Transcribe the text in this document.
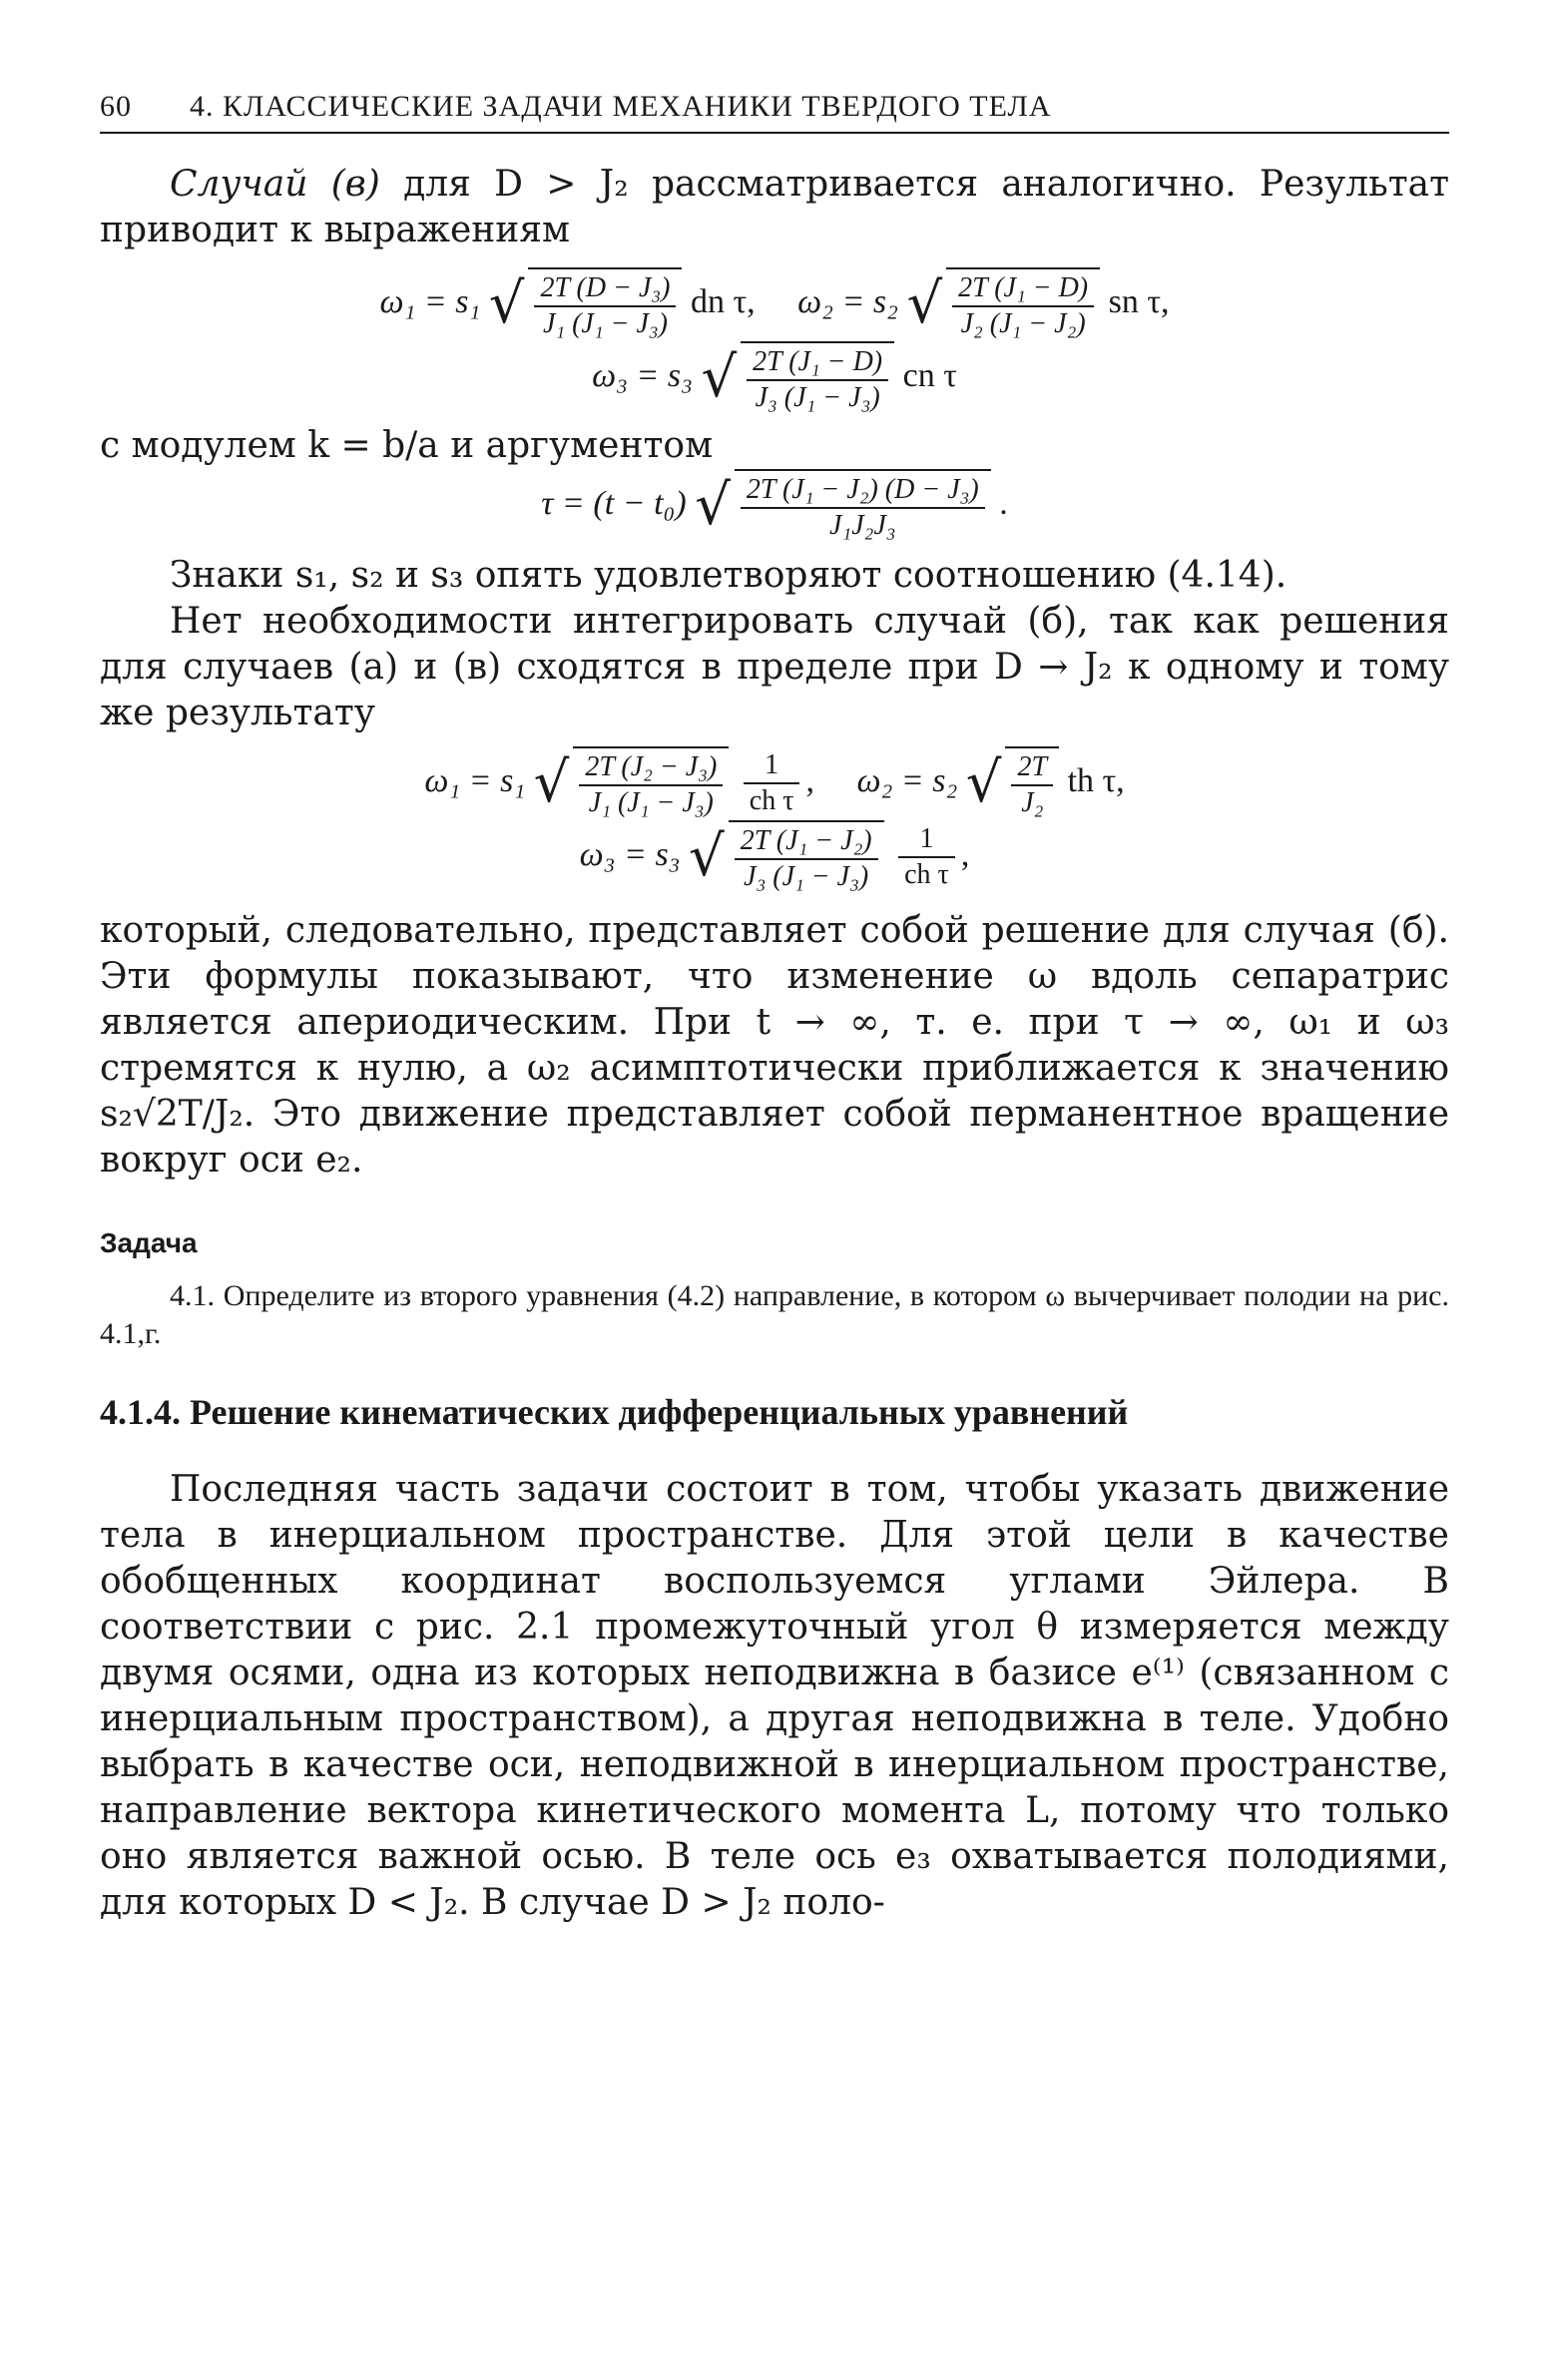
60	4. КЛАССИЧЕСКИЕ ЗАДАЧИ МЕХАНИКИ ТВЕРДОГО ТЕЛА

Случай (в) для D > J₂ рассматривается аналогично. Результат приводит к выражениям

ω₁ = s₁ √ $\frac{\text{2T (D − J₃)}}{\text{J₁ (J₁ − J₃)}}$ dn τ, ω₂ = s₂ √ $\frac{\text{2T (J₁ − D)}}{\text{J₂ (J₁ − J₂)}}$ sn τ,
ω₃ = s₃ √ $\frac{\text{2T (J₁ − D)}}{\text{J₃ (J₁ − J₃)}}$ cn τ

с модулем k = b/a и аргументом

τ = (t − t₀) √ $\frac{\text{2T (J₁ − J₂) (D − J₃)}}{\text{J₁J₂J₃}}$ .

Знаки s₁, s₂ и s₃ опять удовлетворяют соотношению (4.14).

Нет необходимости интегрировать случай (б), так как решения для случаев (а) и (в) сходятся в пределе при D → J₂ к одному и тому же результату

ω₁ = s₁ √ $\frac{\text{2T (J₂ − J₃)}}{\text{J₁ (J₁ − J₃)}}$
$\frac{1}{\text{ch τ}}$ , ω₂ = s₂ √ $\frac{2T}{\text{J₂}}$ th τ,
ω₃ = s₃ √ $\frac{\text{2T (J₁ − J₂)}}{\text{J₃ (J₁ − J₃)}}$
$\frac{1}{\text{ch τ}}$ ,

который, следовательно, представляет собой решение для случая (б). Эти формулы показывают, что изменение ω вдоль сепаратрис является апериодическим. При t → ∞, т. е. при τ → ∞, ω₁ и ω₃ стремятся к нулю, а ω₂ асимптотически приближается к значению s₂√2T/J₂. Это движение представляет собой перманентное вращение вокруг оси e₂.

Задача

4.1. Определите из второго уравнения (4.2) направление, в котором ω вычерчивает полодии на рис. 4.1,г.

4.1.4. Решение кинематических дифференциальных уравнений

Последняя часть задачи состоит в том, чтобы указать движение тела в инерциальном пространстве. Для этой цели в качестве обобщенных координат воспользуемся углами Эйлера. В соответствии с рис. 2.1 промежуточный угол θ измеряется между двумя осями, одна из которых неподвижна в базисе e⁽¹⁾ (связанном с инерциальным пространством), а другая неподвижна в теле. Удобно выбрать в качестве оси, неподвижной в инерциальном пространстве, направление вектора кинетического момента L, потому что только оно является важной осью. В теле ось e₃ охватывается полодиями, для которых D < J₂. В случае D > J₂ поло-
